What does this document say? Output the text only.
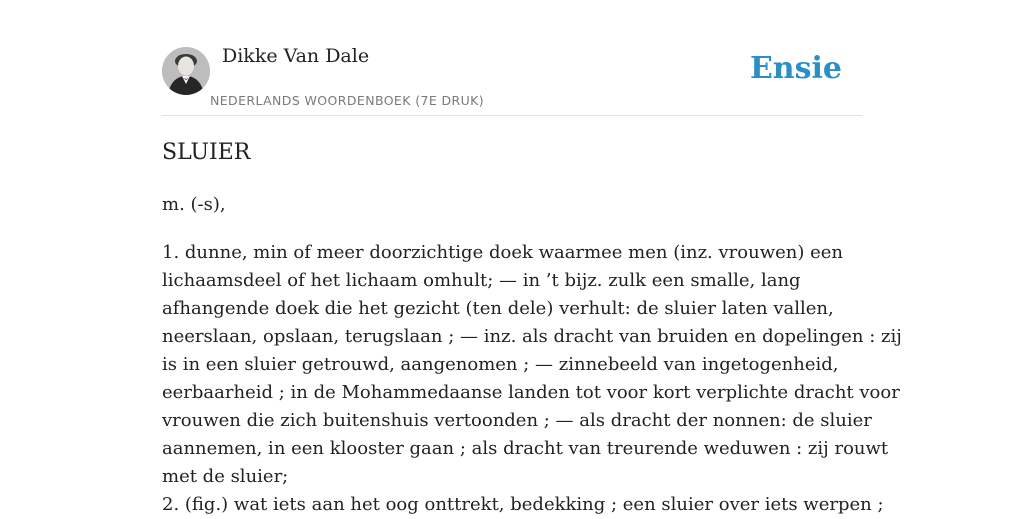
Dikke Van Dale
NEDERLANDS WOORDENBOEK (7E DRUK)
Ensie
SLUIER
m. (-s),
1. dunne, min of meer doorzichtige doek waarmee men (inz. vrouwen) een
lichaamsdeel of het lichaam omhult; — in ’t bijz. zulk een smalle, lang
afhangende doek die het gezicht (ten dele) verhult: de sluier laten vallen,
neerslaan, opslaan, terugslaan ; — inz. als dracht van bruiden en dopelingen : zij
is in een sluier getrouwd, aangenomen ; — zinnebeeld van ingetogenheid,
eerbaarheid ; in de Mohammedaanse landen tot voor kort verplichte dracht voor
vrouwen die zich buitenshuis vertoonden ; — als dracht der nonnen: de sluier
aannemen, in een klooster gaan ; als dracht van treurende weduwen : zij rouwt
met de sluier;
2. (fig.) wat iets aan het oog onttrekt, bedekking ; een sluier over iets werpen ;
